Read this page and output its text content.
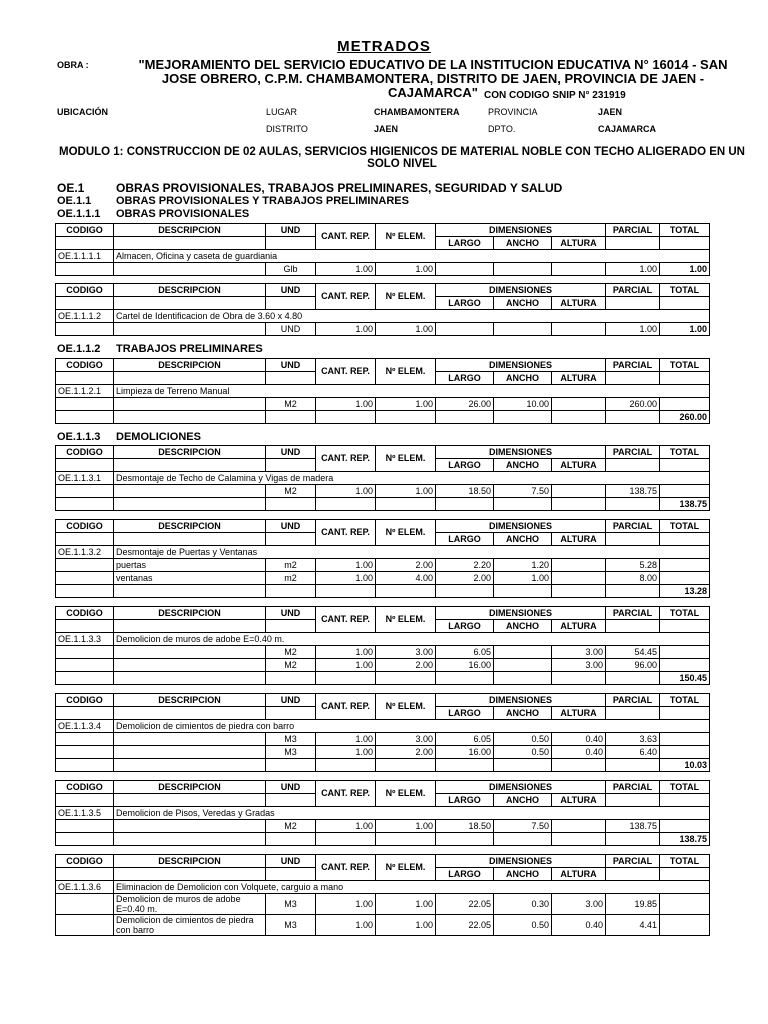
METRADOS
OBRA :	"MEJORAMIENTO DEL SERVICIO EDUCATIVO DE LA INSTITUCION EDUCATIVA N° 16014 - SAN JOSE OBRERO, C.P.M. CHAMBAMONTERA, DISTRITO DE JAEN, PROVINCIA DE JAEN - CAJAMARCA" CON CODIGO SNIP N° 231919
UBICACIÓN	LUGAR	CHAMBAMONTERA	PROVINCIA	JAEN
DISTRITO	JAEN	DPTO.	CAJAMARCA
MODULO 1: CONSTRUCCION DE 02 AULAS, SERVICIOS HIGIENICOS DE MATERIAL NOBLE CON TECHO ALIGERADO EN UN SOLO NIVEL
OE.1	OBRAS PROVISIONALES, TRABAJOS PRELIMINARES, SEGURIDAD Y SALUD
OE.1.1 OBRAS PROVISIONALES Y TRABAJOS PRELIMINARES
OE.1.1.1 OBRAS PROVISIONALES
OE.1.1.2 TRABAJOS PRELIMINARES
OE.1.1.3 DEMOLICIONES
CODIGO	DESCRIPCION	UND	CANT. REP.	Nº ELEM.	DIMENSIONES			PARCIAL	TOTAL
					LARGO	ANCHO	ALTURA		
OE.1.1.1.1	Almacen, Oficina y caseta de guardiania								
		Glb	1.00	1.00				1.00	1.00
CODIGO	DESCRIPCION	UND	CANT. REP.	Nº ELEM.	DIMENSIONES			PARCIAL	TOTAL
					LARGO	ANCHO	ALTURA		
OE.1.1.1.2	Cartel de Identificacion de Obra de 3.60 x 4.80								
		UND	1.00	1.00				1.00	1.00
CODIGO	DESCRIPCION	UND	CANT. REP.	Nº ELEM.	DIMENSIONES			PARCIAL	TOTAL
					LARGO	ANCHO	ALTURA		
OE.1.1.2.1	Limpieza de Terreno Manual								
		M2	1.00	1.00	26.00	10.00		260.00	
									260.00
CODIGO	DESCRIPCION	UND	CANT. REP.	Nº ELEM.	DIMENSIONES			PARCIAL	TOTAL
					LARGO	ANCHO	ALTURA		
OE.1.1.3.1	Desmontaje de Techo de Calamina y Vigas de madera								
		M2	1.00	1.00	18.50	7.50		138.75	
									138.75
CODIGO	DESCRIPCION	UND	CANT. REP.	Nº ELEM.	DIMENSIONES			PARCIAL	TOTAL
					LARGO	ANCHO	ALTURA		
OE.1.1.3.2	Desmontaje de Puertas y Ventanas								
	puertas	m2	1.00	2.00	2.20	1.20		5.28	
	ventanas	m2	1.00	4.00	2.00	1.00		8.00	
									13.28
CODIGO	DESCRIPCION	UND	CANT. REP.	Nº ELEM.	DIMENSIONES			PARCIAL	TOTAL
					LARGO	ANCHO	ALTURA		
OE.1.1.3.3	Demolicion de muros de adobe E=0.40 m.								
		M2	1.00	3.00	6.05		3.00	54.45	
		M2	1.00	2.00	16.00		3.00	96.00	
									150.45
CODIGO	DESCRIPCION	UND	CANT. REP.	Nº ELEM.	DIMENSIONES			PARCIAL	TOTAL
					LARGO	ANCHO	ALTURA		
OE.1.1.3.4	Demolicion de cimientos de piedra con barro								
		M3	1.00	3.00	6.05	0.50	0.40	3.63	
		M3	1.00	2.00	16.00	0.50	0.40	6.40	
									10.03
CODIGO	DESCRIPCION	UND	CANT. REP.	Nº ELEM.	DIMENSIONES			PARCIAL	TOTAL
					LARGO	ANCHO	ALTURA		
OE.1.1.3.5	Demolicion de Pisos, Veredas y Gradas								
		M2	1.00	1.00	18.50	7.50		138.75	
									138.75
CODIGO	DESCRIPCION	UND	CANT. REP.	Nº ELEM.	DIMENSIONES			PARCIAL	TOTAL
					LARGO	ANCHO	ALTURA		
OE.1.1.3.6	Eliminacion de Demolicion con Volquete, carguio a mano								
	Demolicion de muros de adobe E=0.40 m.	M3	1.00	1.00	22.05	0.30	3.00	19.85	
	Demolicion de cimientos de piedra con barro	M3	1.00	1.00	22.05	0.50	0.40	4.41	
